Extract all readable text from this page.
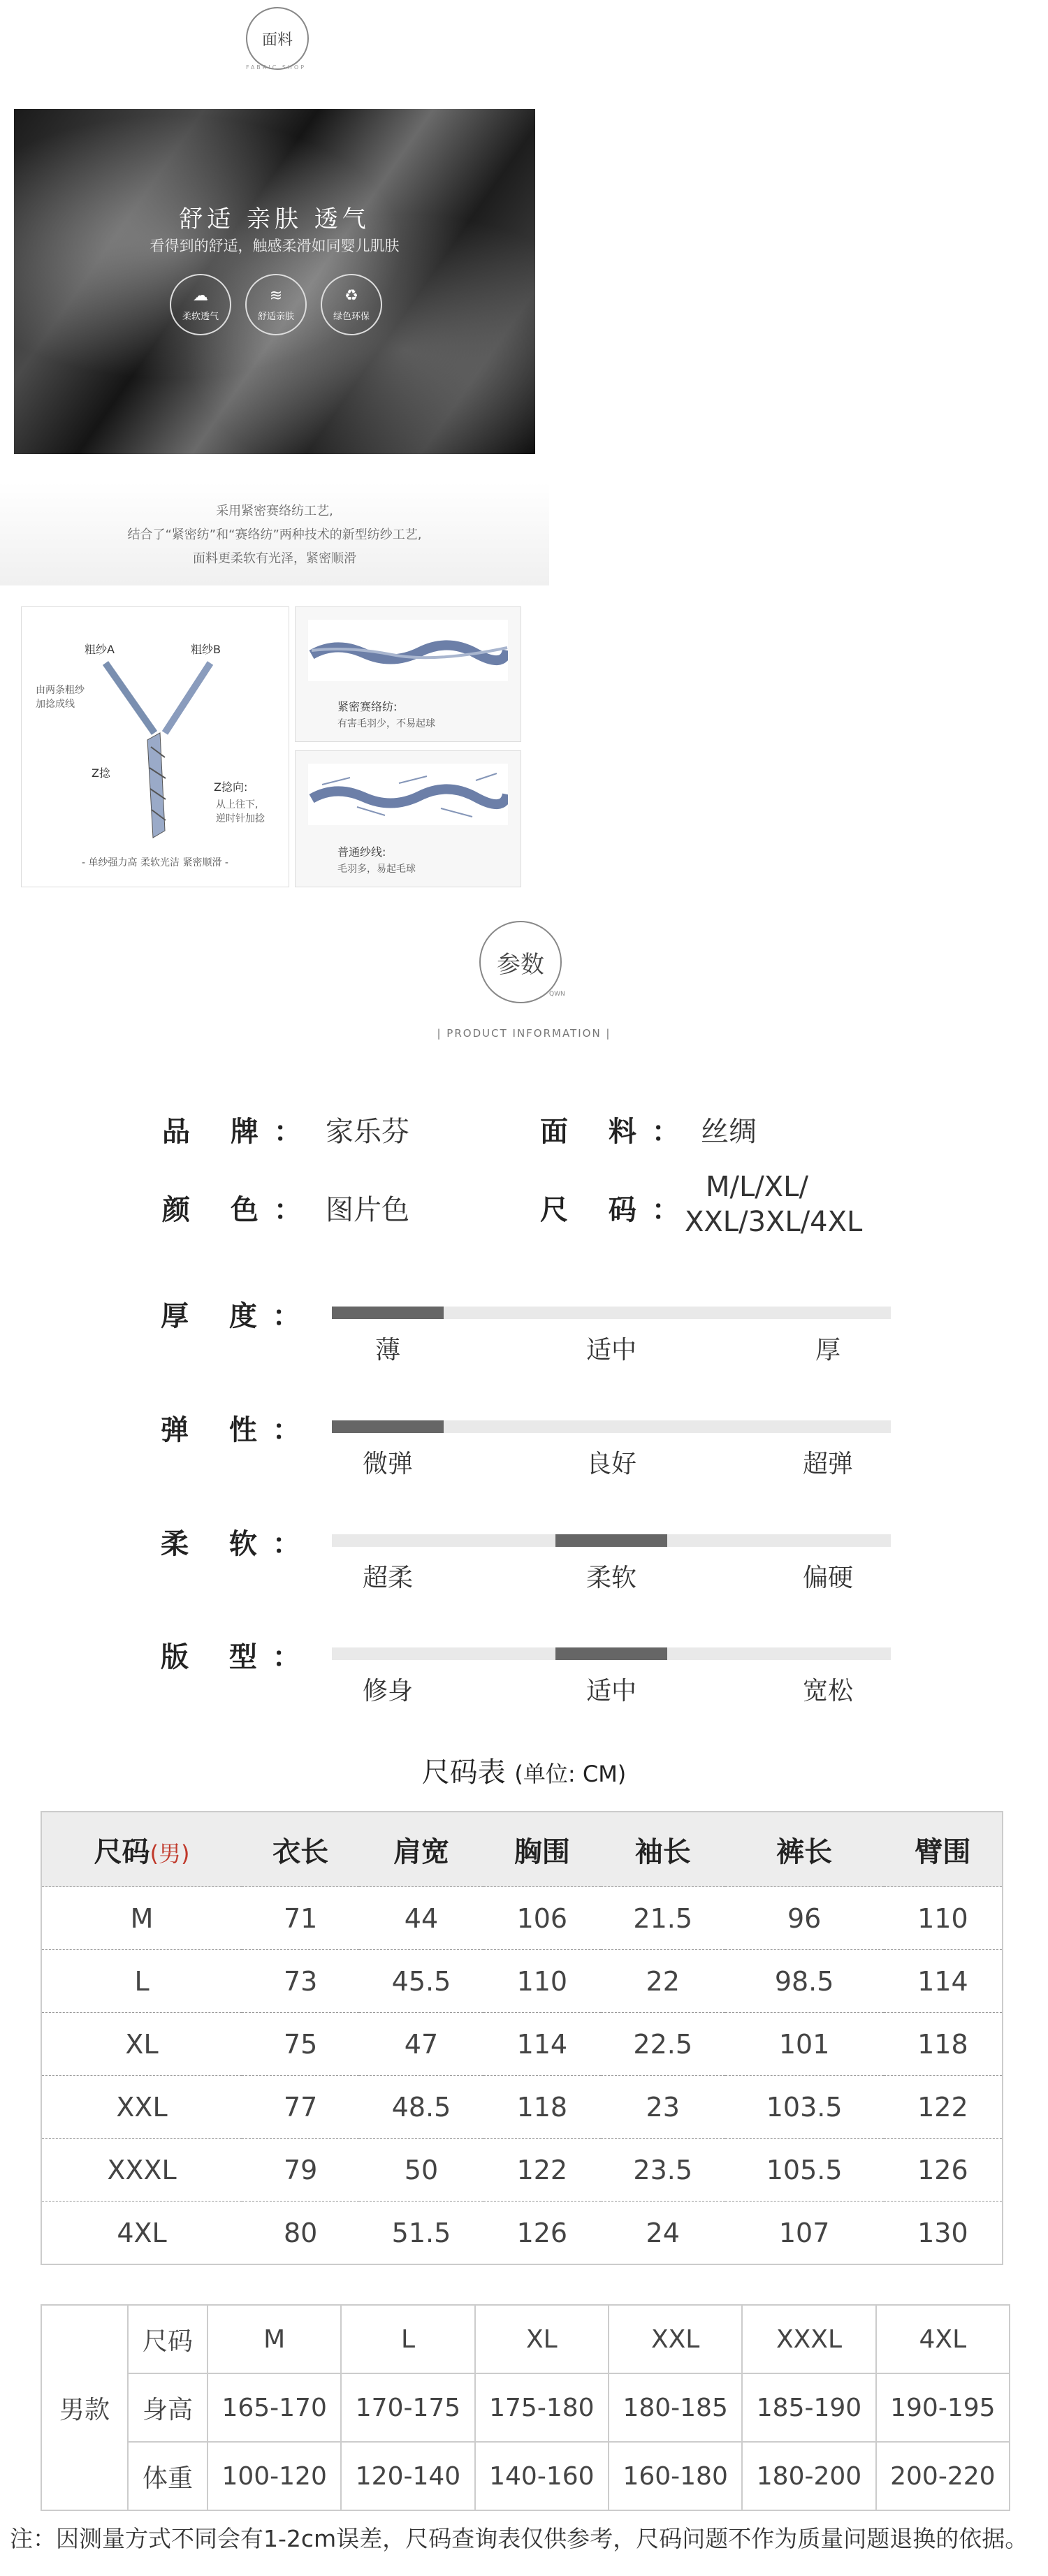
面料
FABRIC SHOP
舒适 亲肤 透气
看得到的舒适，触感柔滑如同婴儿肌肤
☁
柔软透气
≋
舒适亲肤
♻
绿色环保

采用紧密赛络纺工艺,

结合了“紧密纺”和“赛络纺”两种技术的新型纺纱工艺,

面料更柔软有光泽，紧密顺滑

粗纱A	粗纱B
由两条粗纱
加捻成线
Z捻
Z捻向:
从上往下,
逆时针加捻
- 单纱强力高 柔软光洁 紧密顺滑 -
紧密赛络纺:
有害毛羽少，不易起球
普通纱线:
毛羽多，易起毛球
参数
QWN
| PRODUCT INFORMATION |
品 牌： 家乐芬	面 料： 丝绸
颜 色： 图片色	尺 码：
M/L/XL/
XXL/3XL/4XL
厚 度：
薄	适中	厚
弹 性：
微弹	良好	超弹
柔 软：
超柔	柔软	偏硬
版 型：
修身	适中	宽松
尺码表 (单位: CM)
尺码(男)	衣长	肩宽	胸围	袖长	裤长	臂围
M	71	44	106	21.5	96	110
L	73	45.5	110	22	98.5	114
XL	75	47	114	22.5	101	118
XXL	77	48.5	118	23	103.5	122
XXXL	79	50	122	23.5	105.5	126
4XL	80	51.5	126	24	107	130
男款	尺码	M	L	XL	XXL	XXXL	4XL
	身高	165-170	170-175	175-180	180-185	185-190	190-195
	体重	100-120	120-140	140-160	160-180	180-200	200-220
注：因测量方式不同会有1-2cm误差，尺码查询表仅供参考，尺码问题不作为质量问题退换的依据。
